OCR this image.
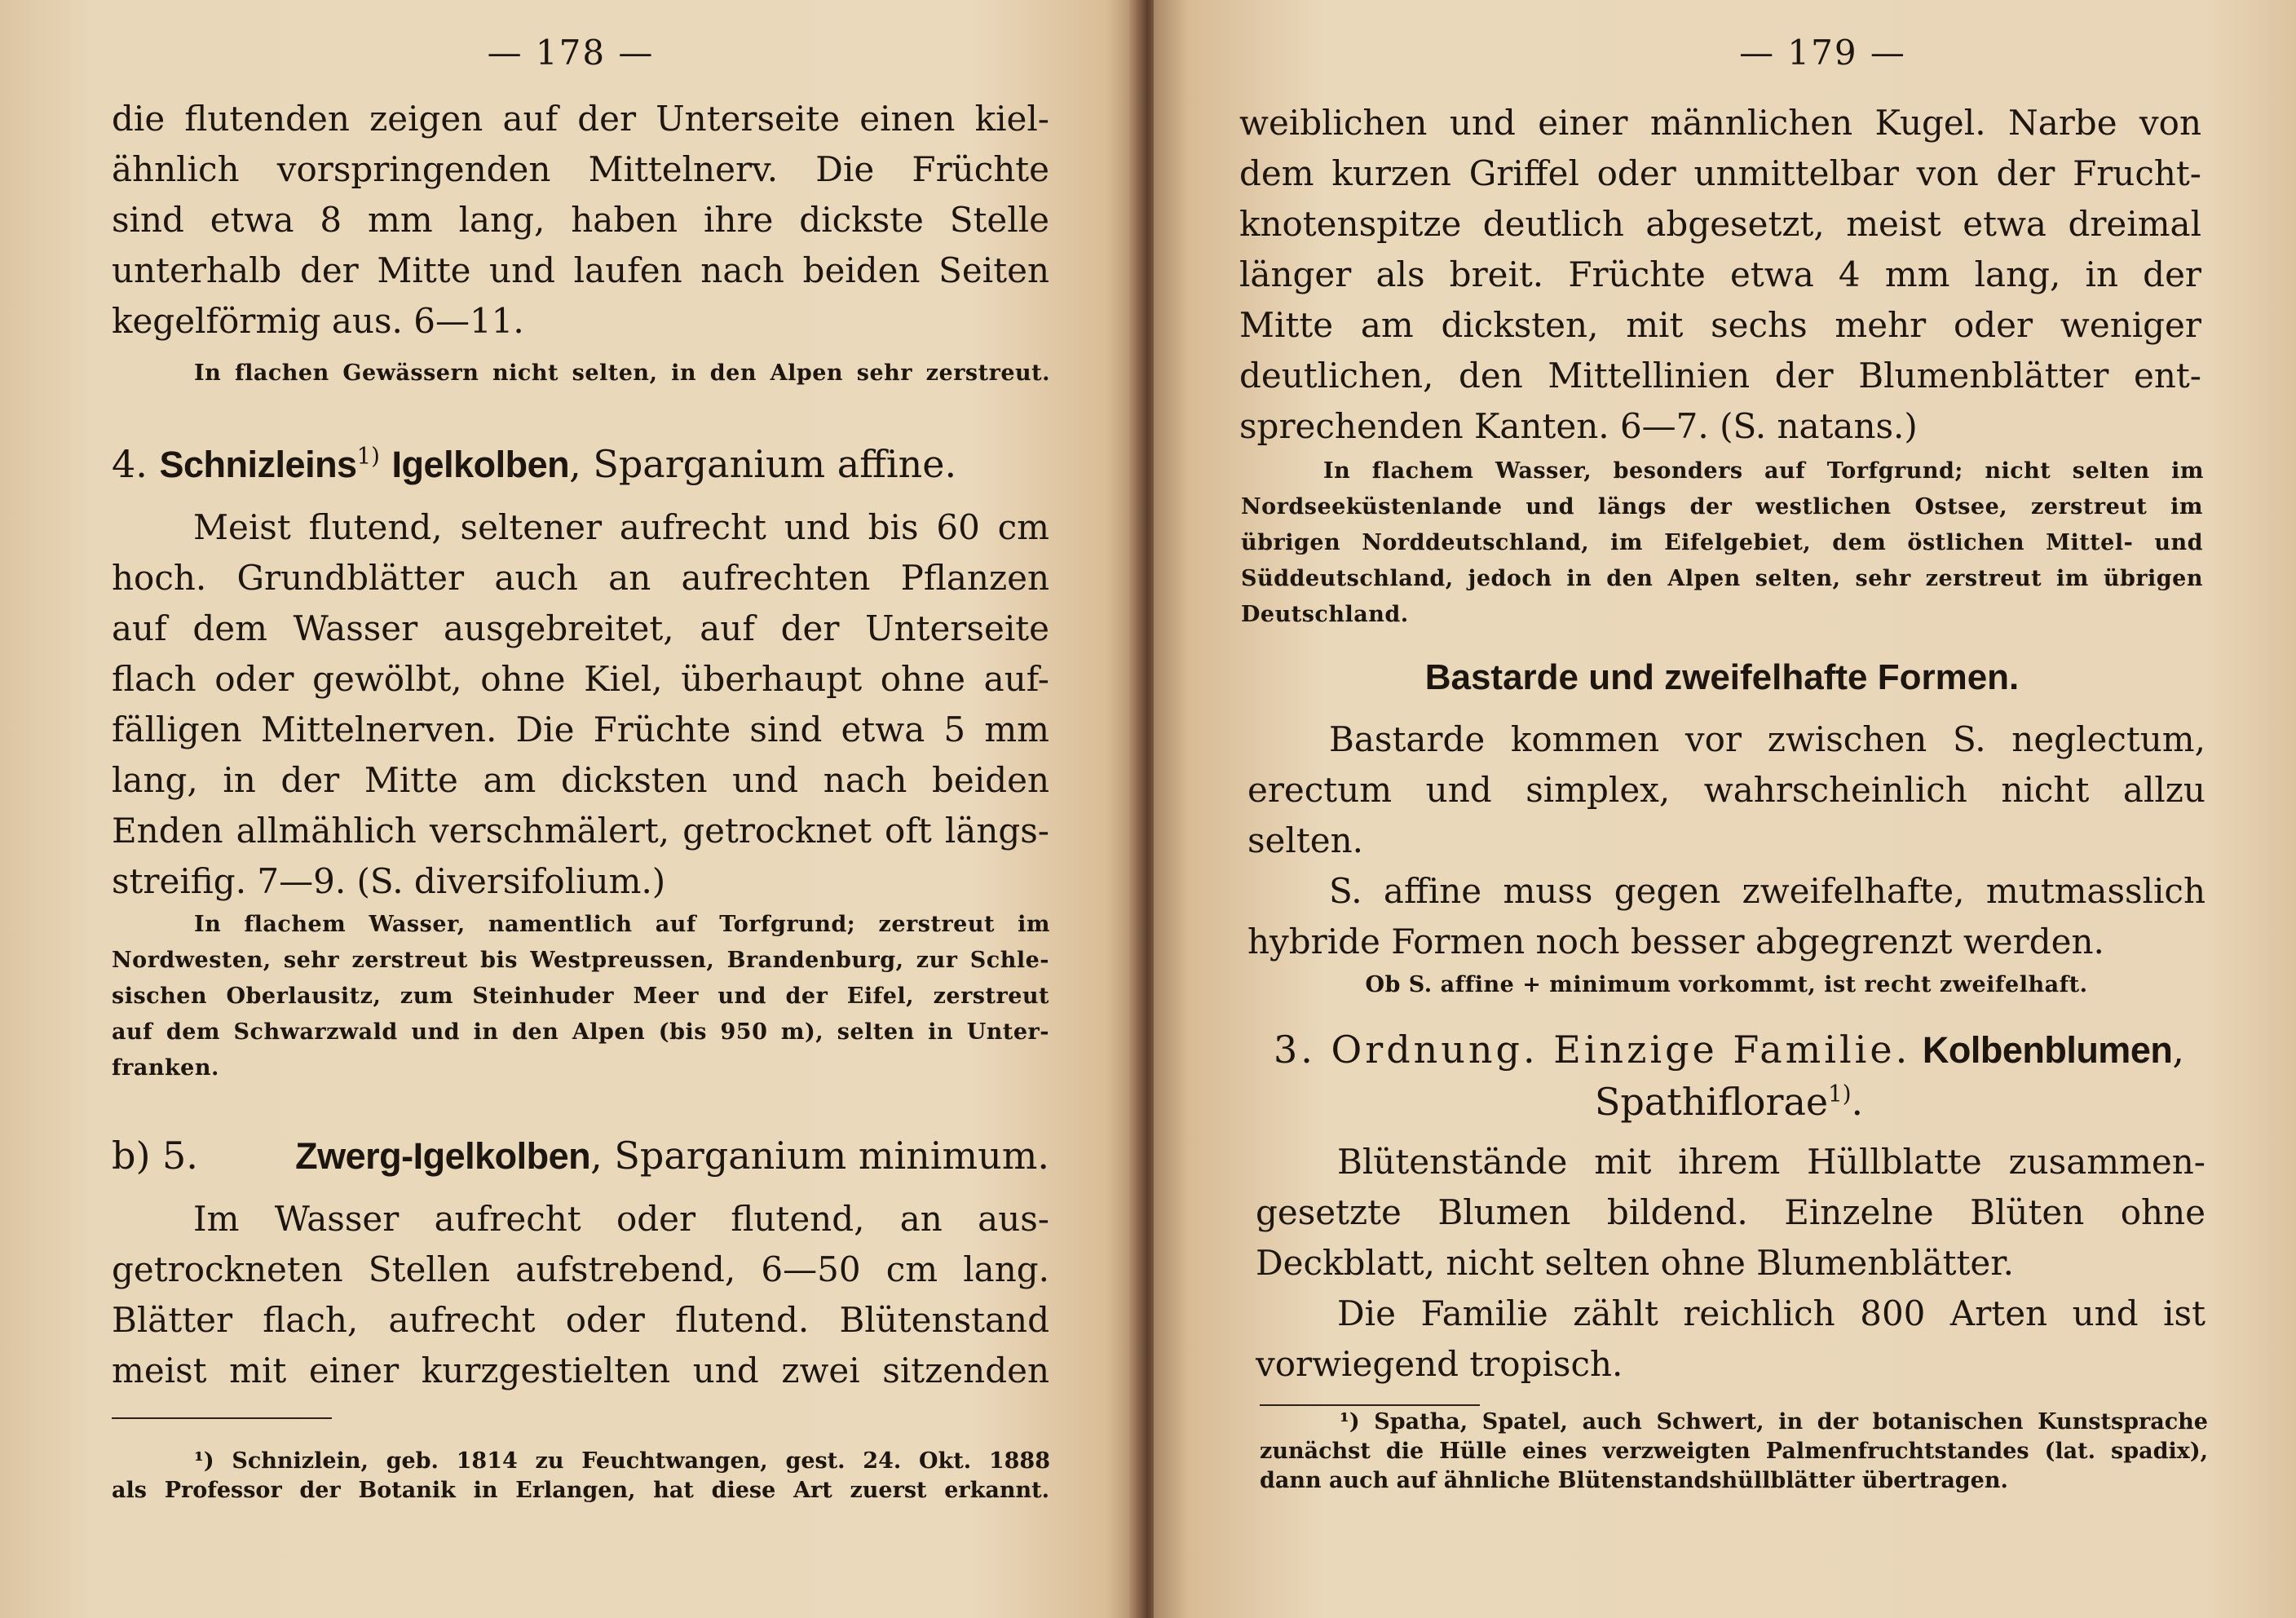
— 178 —

die flutenden zeigen auf der Unterseite einen kiel-

ähnlich vorspringenden Mittelnerv. Die Früchte

sind etwa 8 mm lang, haben ihre dickste Stelle

unterhalb der Mitte und laufen nach beiden Seiten

kegelförmig aus. 6—11.

In flachen Gewässern nicht selten, in den Alpen sehr zerstreut.

4. Schnizleins$^{1)}$ Igelkolben, Sparganium affine.

Meist flutend, seltener aufrecht und bis 60 cm

hoch. Grundblätter auch an aufrechten Pflanzen

auf dem Wasser ausgebreitet, auf der Unterseite

flach oder gewölbt, ohne Kiel, überhaupt ohne auf-

fälligen Mittelnerven. Die Früchte sind etwa 5 mm

lang, in der Mitte am dicksten und nach beiden

Enden allmählich verschmälert, getrocknet oft längs-

streifig. 7—9. (S. diversifolium.)

In flachem Wasser, namentlich auf Torfgrund; zerstreut im

Nordwesten, sehr zerstreut bis Westpreussen, Brandenburg, zur Schle-

sischen Oberlausitz, zum Steinhuder Meer und der Eifel, zerstreut

auf dem Schwarzwald und in den Alpen (bis 950 m), selten in Unter-

franken.

b) 5.	Zwerg-Igelkolben, Sparganium minimum.

Im Wasser aufrecht oder flutend, an aus-

getrockneten Stellen aufstrebend, 6—50 cm lang.

Blätter flach, aufrecht oder flutend. Blütenstand

meist mit einer kurzgestielten und zwei sitzenden

¹) Schnizlein, geb. 1814 zu Feuchtwangen, gest. 24. Okt. 1888

als Professor der Botanik in Erlangen, hat diese Art zuerst erkannt.

— 179 —

weiblichen und einer männlichen Kugel. Narbe von

dem kurzen Griffel oder unmittelbar von der Frucht-

knotenspitze deutlich abgesetzt, meist etwa dreimal

länger als breit. Früchte etwa 4 mm lang, in der

Mitte am dicksten, mit sechs mehr oder weniger

deutlichen, den Mittellinien der Blumenblätter ent-

sprechenden Kanten. 6—7. (S. natans.)

In flachem Wasser, besonders auf Torfgrund; nicht selten im

Nordseeküstenlande und längs der westlichen Ostsee, zerstreut im

übrigen Norddeutschland, im Eifelgebiet, dem östlichen Mittel- und

Süddeutschland, jedoch in den Alpen selten, sehr zerstreut im übrigen

Deutschland.

Bastarde und zweifelhafte Formen.

Bastarde kommen vor zwischen S. neglectum,

erectum und simplex, wahrscheinlich nicht allzu

selten.

S. affine muss gegen zweifelhafte, mutmasslich

hybride Formen noch besser abgegrenzt werden.

Ob S. affine + minimum vorkommt, ist recht zweifelhaft.

3. Ordnung. Einzige Familie. Kolbenblumen,
Spathiflorae$^{1)}$.

Blütenstände mit ihrem Hüllblatte zusammen-

gesetzte Blumen bildend. Einzelne Blüten ohne

Deckblatt, nicht selten ohne Blumenblätter.

Die Familie zählt reichlich 800 Arten und ist

vorwiegend tropisch.

¹) Spatha, Spatel, auch Schwert, in der botanischen Kunstsprache

zunächst die Hülle eines verzweigten Palmenfruchtstandes (lat. spadix),

dann auch auf ähnliche Blütenstandshüllblätter übertragen.
